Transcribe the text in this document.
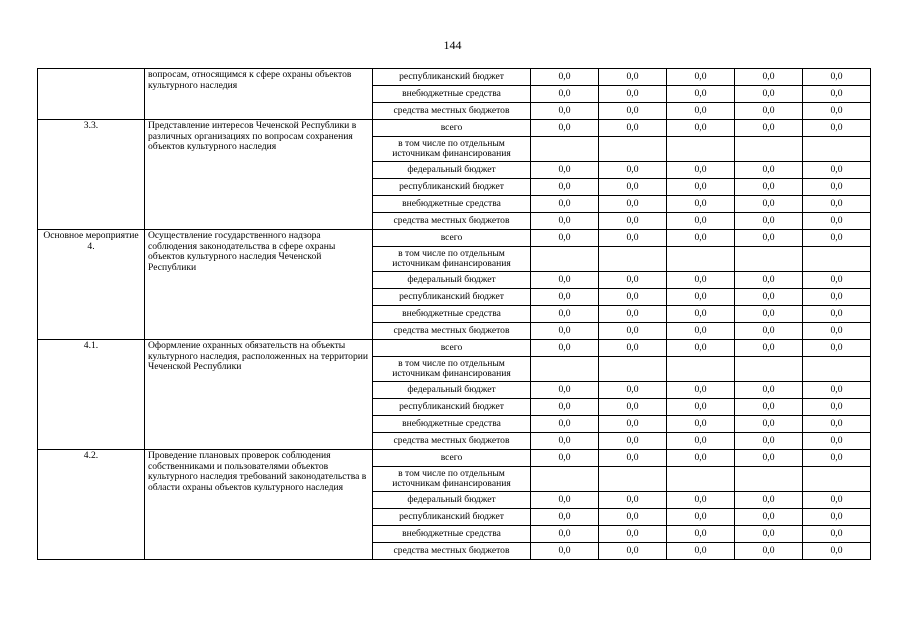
144
	вопросам, относящимся к сфере охраны объектов культурного наследия	республиканский бюджет	0,0	0,0	0,0	0,0	0,0
		внебюджетные средства	0,0	0,0	0,0	0,0	0,0
		средства местных бюджетов	0,0	0,0	0,0	0,0	0,0
3.3.	Представление интересов Чеченской Республики в различных организациях по вопросам сохранения объектов культурного наследия	всего	0,0	0,0	0,0	0,0	0,0
		в том числе по отдельным источникам финансирования					
		федеральный бюджет	0,0	0,0	0,0	0,0	0,0
		республиканский бюджет	0,0	0,0	0,0	0,0	0,0
		внебюджетные средства	0,0	0,0	0,0	0,0	0,0
		средства местных бюджетов	0,0	0,0	0,0	0,0	0,0
Основное мероприятие 4.	Осуществление государственного надзора соблюдения законодательства в сфере охраны объектов культурного наследия Чеченской Республики	всего	0,0	0,0	0,0	0,0	0,0
		в том числе по отдельным источникам финансирования					
		федеральный бюджет	0,0	0,0	0,0	0,0	0,0
		республиканский бюджет	0,0	0,0	0,0	0,0	0,0
		внебюджетные средства	0,0	0,0	0,0	0,0	0,0
		средства местных бюджетов	0,0	0,0	0,0	0,0	0,0
4.1.	Оформление охранных обязательств на объекты культурного наследия, расположенных на территории Чеченской Республики	всего	0,0	0,0	0,0	0,0	0,0
		в том числе по отдельным источникам финансирования					
		федеральный бюджет	0,0	0,0	0,0	0,0	0,0
		республиканский бюджет	0,0	0,0	0,0	0,0	0,0
		внебюджетные средства	0,0	0,0	0,0	0,0	0,0
		средства местных бюджетов	0,0	0,0	0,0	0,0	0,0
4.2.	Проведение плановых проверок соблюдения собственниками и пользователями объектов культурного наследия требований законодательства в области охраны объектов культурного наследия	всего	0,0	0,0	0,0	0,0	0,0
		в том числе по отдельным источникам финансирования					
		федеральный бюджет	0,0	0,0	0,0	0,0	0,0
		республиканский бюджет	0,0	0,0	0,0	0,0	0,0
		внебюджетные средства	0,0	0,0	0,0	0,0	0,0
		средства местных бюджетов	0,0	0,0	0,0	0,0	0,0
